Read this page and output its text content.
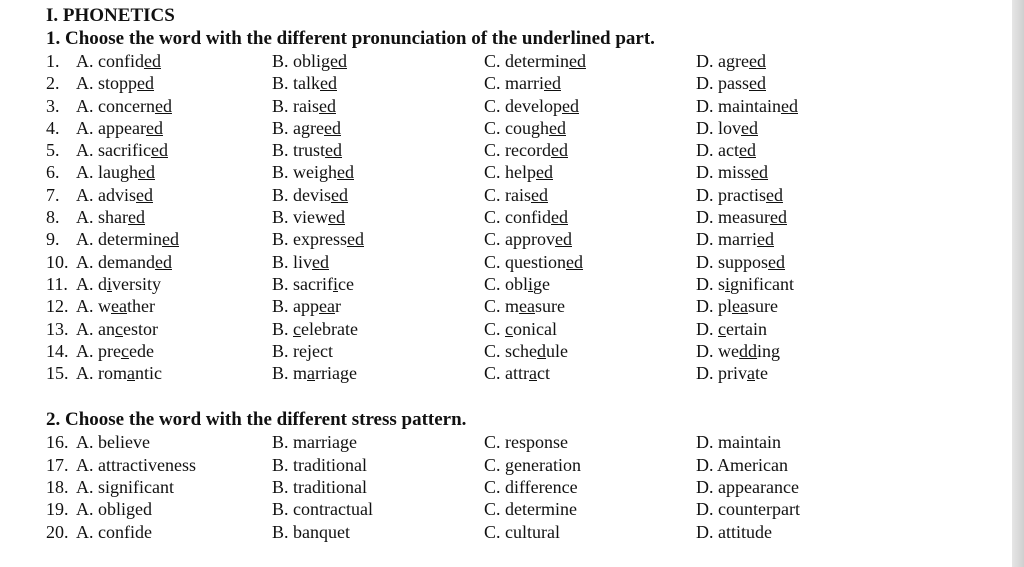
I. PHONETICS
1. Choose the word with the different pronunciation of the underlined part.
1. A. confided	B. obliged	C. determined	D. agreed
2. A. stopped	B. talked	C. married	D. passed
3. A. concerned	B. raised	C. developed	D. maintained
4. A. appeared	B. agreed	C. coughed	D. loved
5. A. sacrificed	B. trusted	C. recorded	D. acted
6. A. laughed	B. weighed	C. helped	D. missed
7. A. advised	B. devised	C. raised	D. practised
8. A. shared	B. viewed	C. confided	D. measured
9. A. determined	B. expressed	C. approved	D. married
10. A. demanded	B. lived	C. questioned	D. supposed
11. A. diversity	B. sacrifice	C. oblige	D. significant
12. A. weather	B. appear	C. measure	D. pleasure
13. A. ancestor	B. celebrate	C. conical	D. certain
14. A. precede	B. reject	C. schedule	D. wedding
15. A. romantic	B. marriage	C. attract	D. private
2. Choose the word with the different stress pattern.
16. A. believe	B. marriage	C. response	D. maintain
17. A. attractiveness	B. traditional	C. generation	D. American
18. A. significant	B. traditional	C. difference	D. appearance
19. A. obliged	B. contractual	C. determine	D. counterpart
20. A. confide	B. banquet	C. cultural	D. attitude
